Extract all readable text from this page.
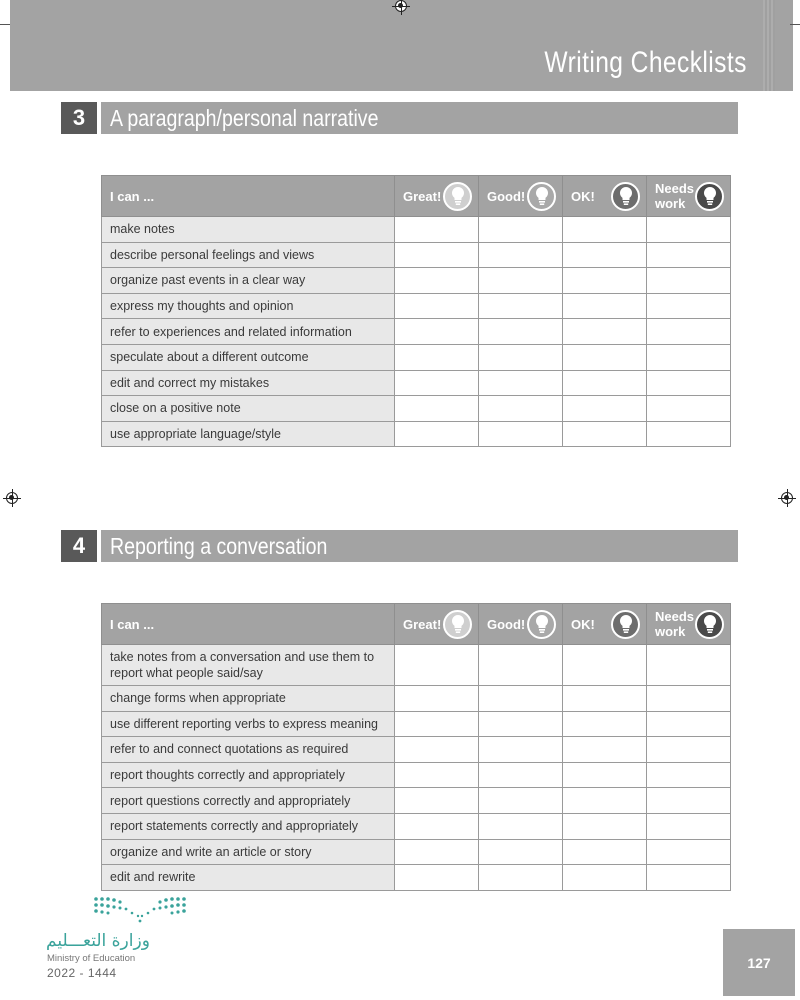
Writing Checklists
3	A paragraph/personal narrative
I can ...	Great!	Good!	OK!	Needs work

make notes				
describe personal feelings and views				
organize past events in a clear way				
express my thoughts and opinion				
refer to experiences and related information				
speculate about a different outcome				
edit and correct my mistakes				
close on a positive note				
use appropriate language/style				
4	Reporting a conversation
I can ...	Great!	Good!	OK!	Needs work

take notes from a conversation and use them to report what people said/say				
change forms when appropriate				
use different reporting verbs to express meaning				
refer to and connect quotations as required				
report thoughts correctly and appropriately				
report questions correctly and appropriately				
report statements correctly and appropriately				
organize and write an article or story				
edit and rewrite				
وزارة التعـــليم
Ministry of Education
2022 - 1444
127
